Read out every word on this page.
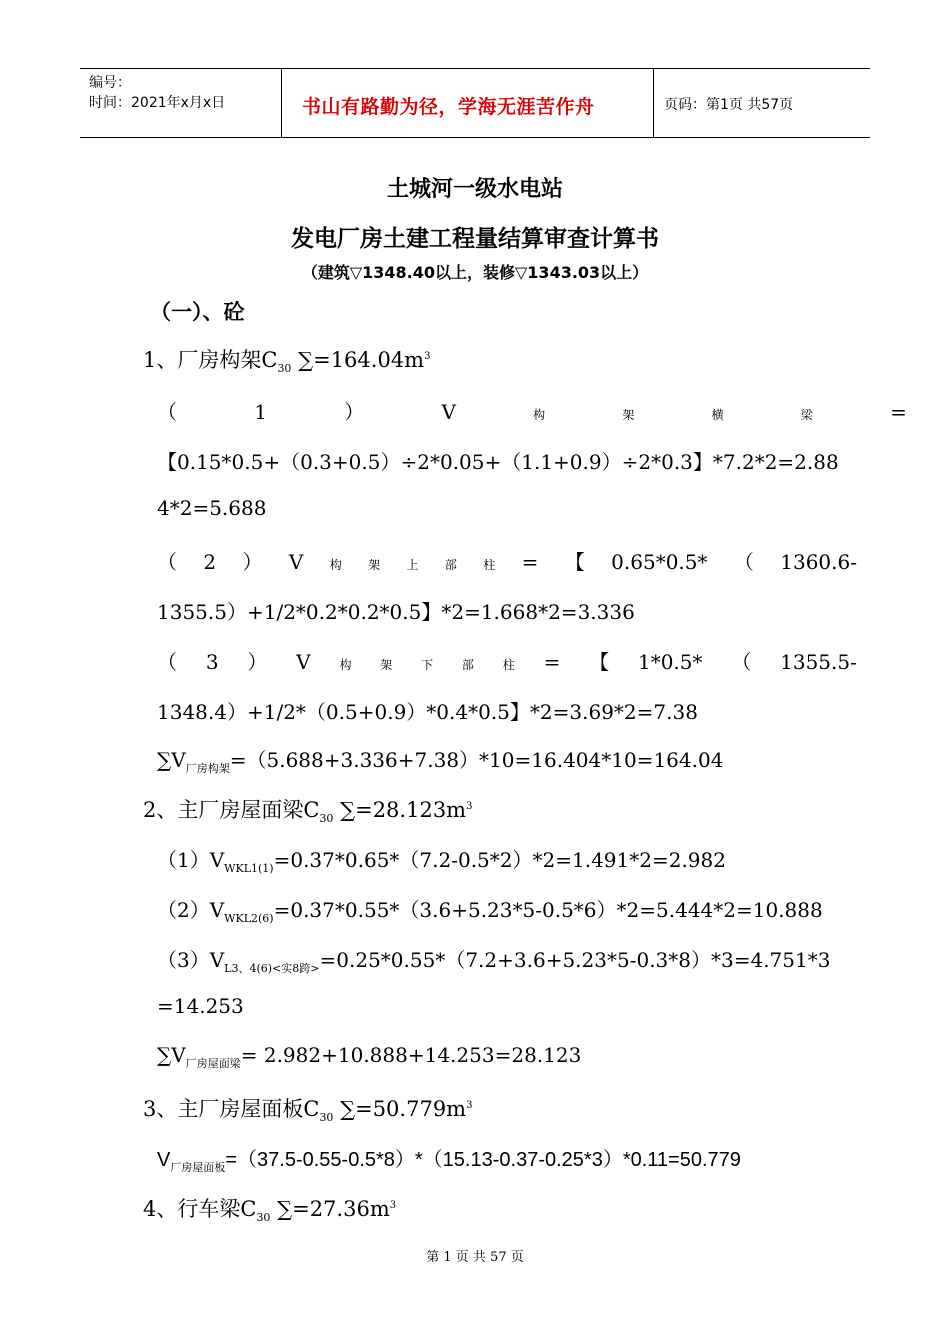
编号：
时间：2021年x月x日	书山有路勤为径，学海无涯苦作舟	页码：第1页 共57页
土城河一级水电站
发电厂房土建工程量结算审查计算书
（建筑▽1348.40以上，装修▽1343.03以上）
（一）、砼
1、厂房构架$C_{30}$ $\sum=164.04m^3$
（	1	）	V	构	架	横	梁	=
【0.15*0.5+（0.3+0.5）÷2*0.05+（1.1+0.9）÷2*0.3】*7.2*2=2.88
4*2=5.688
（ 2 ） V 构 架 上 部 柱 = 【 0.65*0.5* （ 1360.6-
1355.5）+1/2*0.2*0.2*0.5】*2=1.668*2=3.336
（ 3 ） V 构 架 下 部 柱 = 【 1*0.5* （ 1355.5-
1348.4）+1/2*（0.5+0.9）*0.4*0.5】*2=3.69*2=7.38
$\sum V_{厂房构架}=(5.688+3.336+7.38)*10=16.404*10=164.04$
2、主厂房屋面梁$C_{30}$ $\sum=28.123m^3$
$(1)V_{WKL1(1)}=0.37*0.65*(7.2-0.5*2)*2=1.491*2=2.982$
$(2)V_{WKL2(6)}=0.37*0.55*(3.6+5.23*5-0.5*6)*2=5.444*2=10.888$
$(3)V_{L3、4(6)<实8跨>}=0.25*0.55*(7.2+3.6+5.23*5-0.3*8)*3=4.751*3$
=14.253
$\sum V_{厂房屋面梁}= 2.982+10.888+14.253=28.123$
3、主厂房屋面板$C_{30}$ $\sum=50.779m^3$
$V_{厂房屋面板}=(37.5-0.55-0.5*8)*(15.13-0.37-0.25*3)*0.11=50.779$
4、行车梁$C_{30}$ $\sum=27.36m^3$
第 1 页 共 57 页
